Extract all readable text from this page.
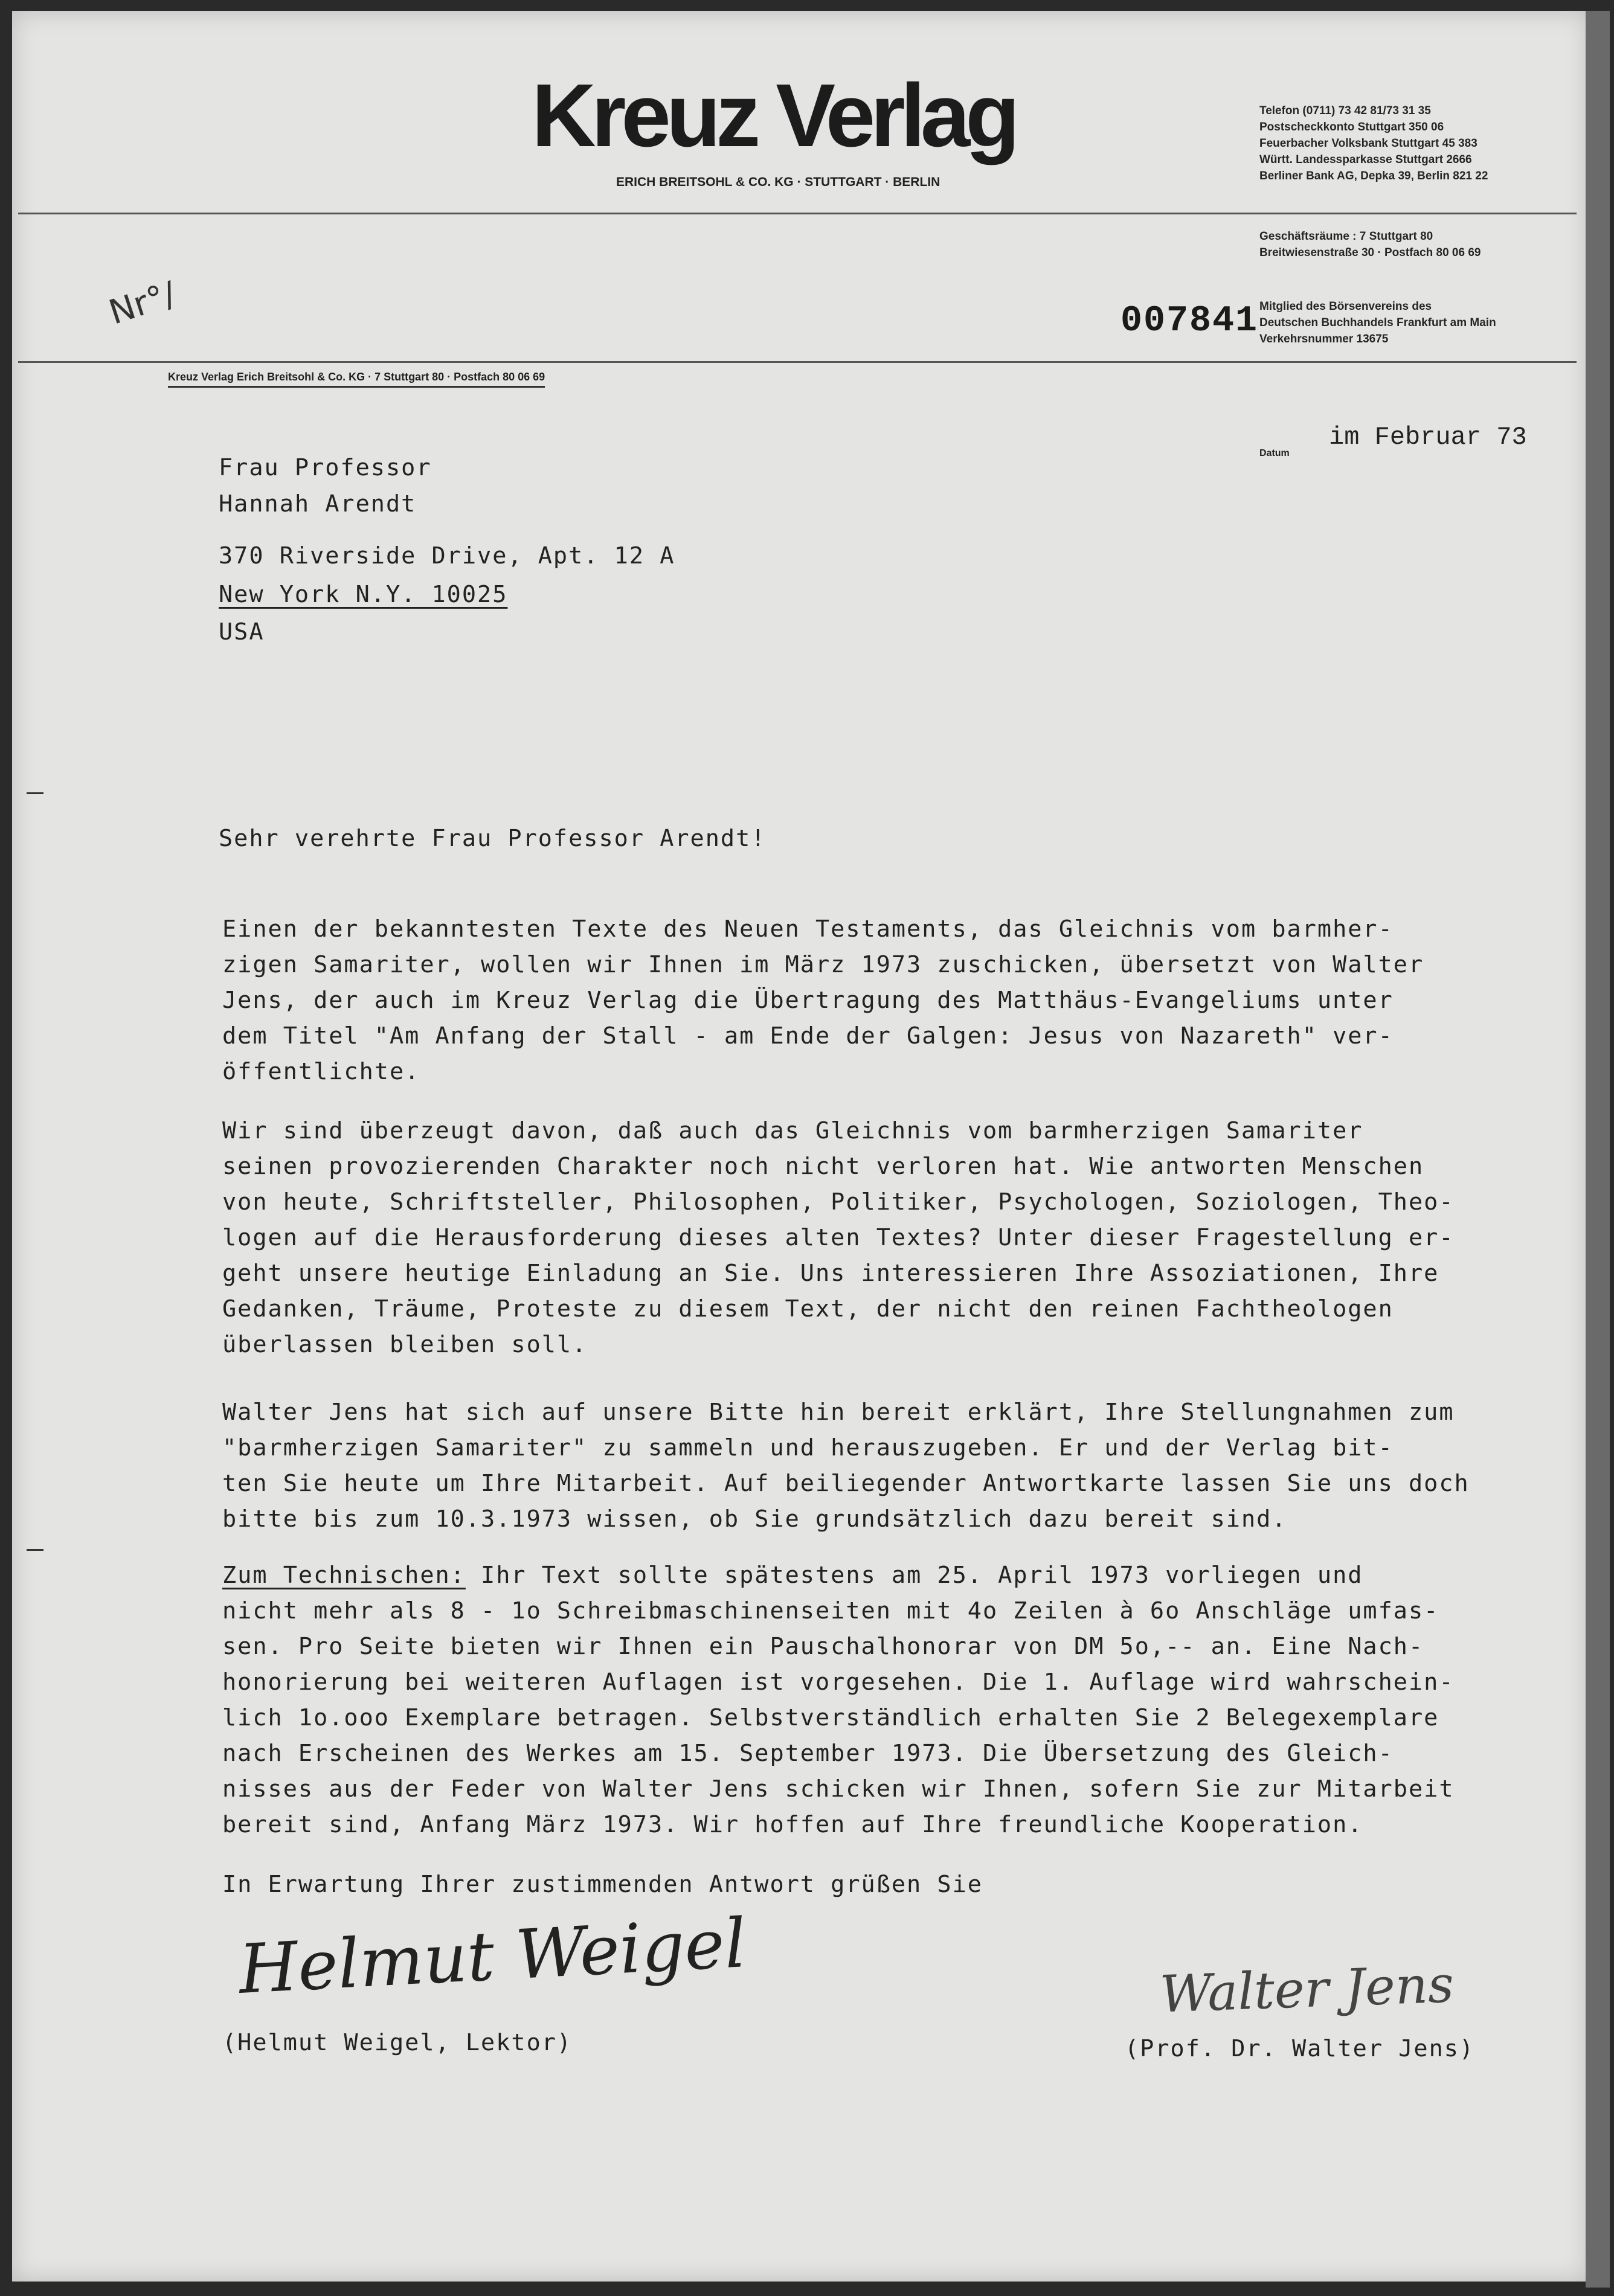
Kreuz Verlag
ERICH BREITSOHL & CO. KG · STUTTGART · BERLIN
Telefon (0711) 73 42 81/73 31 35
Postscheckkonto Stuttgart 350 06
Feuerbacher Volksbank Stuttgart 45 383
Württ. Landessparkasse Stuttgart 2666
Berliner Bank AG, Depka 39, Berlin 821 22
Geschäftsräume : 7 Stuttgart 80
Breitwiesenstraße 30 · Postfach 80 06 69
Mitglied des Börsenvereins des
Deutschen Buchhandels Frankfurt am Main
Verkehrsnummer 13675
007841
Nr°/
Kreuz Verlag Erich Breitsohl & Co. KG · 7 Stuttgart 80 · Postfach 80 06 69
Datum
im Februar 73
Frau Professor
Hannah Arendt
370 Riverside Drive, Apt. 12 A
New York N.Y. 10025
USA
Sehr verehrte Frau Professor Arendt!
Einen der bekanntesten Texte des Neuen Testaments, das Gleichnis vom barmher-
zigen Samariter, wollen wir Ihnen im März 1973 zuschicken, übersetzt von Walter
Jens, der auch im Kreuz Verlag die Übertragung des Matthäus-Evangeliums unter
dem Titel "Am Anfang der Stall - am Ende der Galgen: Jesus von Nazareth" ver-
öffentlichte.
Wir sind überzeugt davon, daß auch das Gleichnis vom barmherzigen Samariter
seinen provozierenden Charakter noch nicht verloren hat. Wie antworten Menschen
von heute, Schriftsteller, Philosophen, Politiker, Psychologen, Soziologen, Theo-
logen auf die Herausforderung dieses alten Textes? Unter dieser Fragestellung er-
geht unsere heutige Einladung an Sie. Uns interessieren Ihre Assoziationen, Ihre
Gedanken, Träume, Proteste zu diesem Text, der nicht den reinen Fachtheologen
überlassen bleiben soll.
Walter Jens hat sich auf unsere Bitte hin bereit erklärt, Ihre Stellungnahmen zum
"barmherzigen Samariter" zu sammeln und herauszugeben. Er und der Verlag bit-
ten Sie heute um Ihre Mitarbeit. Auf beiliegender Antwortkarte lassen Sie uns doch
bitte bis zum 10.3.1973 wissen, ob Sie grundsätzlich dazu bereit sind.
Zum Technischen: Ihr Text sollte spätestens am 25. April 1973 vorliegen und
nicht mehr als 8 - 1o Schreibmaschinenseiten mit 4o Zeilen à 6o Anschläge umfas-
sen. Pro Seite bieten wir Ihnen ein Pauschalhonorar von DM 5o,-- an. Eine Nach-
honorierung bei weiteren Auflagen ist vorgesehen. Die 1. Auflage wird wahrschein-
lich 1o.ooo Exemplare betragen. Selbstverständlich erhalten Sie 2 Belegexemplare
nach Erscheinen des Werkes am 15. September 1973. Die Übersetzung des Gleich-
nisses aus der Feder von Walter Jens schicken wir Ihnen, sofern Sie zur Mitarbeit
bereit sind, Anfang März 1973. Wir hoffen auf Ihre freundliche Kooperation.
In Erwartung Ihrer zustimmenden Antwort grüßen Sie
Helmut Weigel
(Helmut Weigel, Lektor)
Walter Jens
(Prof. Dr. Walter Jens)
